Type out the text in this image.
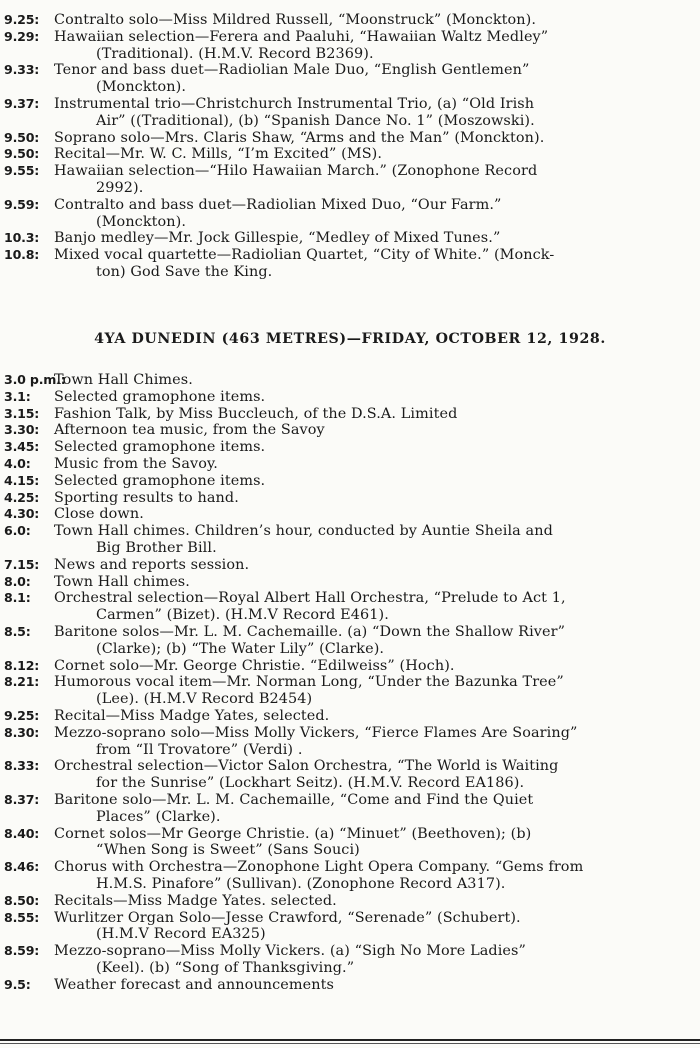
9.25: Contralto solo—Miss Mildred Russell, “Moonstruck” (Monckton).
9.29: Hawaiian selection—Ferera and Paaluhi, “Hawaiian Waltz Medley”
(Traditional). (H.M.V. Record B2369).
9.33: Tenor and bass duet—Radiolian Male Duo, “English Gentlemen”
(Monckton).
9.37: Instrumental trio—Christchurch Instrumental Trio, (a) “Old Irish
Air” ((Traditional), (b) “Spanish Dance No. 1” (Moszowski).
9.50: Soprano solo—Mrs. Claris Shaw, “Arms and the Man” (Monckton).
9.50: Recital—Mr. W. C. Mills, “I’m Excited” (MS).
9.55: Hawaiian selection—“Hilo Hawaiian March.” (Zonophone Record
2992).
9.59: Contralto and bass duet—Radiolian Mixed Duo, “Our Farm.”
(Monckton).
10.3: Banjo medley—Mr. Jock Gillespie, “Medley of Mixed Tunes.”
10.8: Mixed vocal quartette—Radiolian Quartet, “City of White.” (Monck-
ton) God Save the King.
4YA DUNEDIN (463 METRES)—FRIDAY, OCTOBER 12, 1928.
3.0 p.m.:
Town Hall Chimes.
3.1: Selected gramophone items.
3.15: Fashion Talk, by Miss Buccleuch, of the D.S.A. Limited
3.30: Afternoon tea music, from the Savoy
3.45: Selected gramophone items.
4.0: Music from the Savoy.
4.15: Selected gramophone items.
4.25: Sporting results to hand.
4.30: Close down.
6.0: Town Hall chimes. Children’s hour, conducted by Auntie Sheila and
Big Brother Bill.
7.15: News and reports session.
8.0: Town Hall chimes.
8.1: Orchestral selection—Royal Albert Hall Orchestra, “Prelude to Act 1,
Carmen” (Bizet). (H.M.V Record E461).
8.5: Baritone solos—Mr. L. M. Cachemaille. (a) “Down the Shallow River”
(Clarke); (b) “The Water Lily” (Clarke).
8.12: Cornet solo—Mr. George Christie. “Edilweiss” (Hoch).
8.21: Humorous vocal item—Mr. Norman Long, “Under the Bazunka Tree”
(Lee). (H.M.V Record B2454)
9.25: Recital—Miss Madge Yates, selected.
8.30: Mezzo-soprano solo—Miss Molly Vickers, “Fierce Flames Are Soaring”
from “Il Trovatore” (Verdi) .
8.33: Orchestral selection—Victor Salon Orchestra, “The World is Waiting
for the Sunrise” (Lockhart Seitz). (H.M.V. Record EA186).
8.37: Baritone solo—Mr. L. M. Cachemaille, “Come and Find the Quiet
Places” (Clarke).
8.40: Cornet solos—Mr George Christie. (a) “Minuet” (Beethoven); (b)
“When Song is Sweet” (Sans Souci)
8.46: Chorus with Orchestra—Zonophone Light Opera Company. “Gems from
H.M.S. Pinafore” (Sullivan). (Zonophone Record A317).
8.50: Recitals—Miss Madge Yates. selected.
8.55: Wurlitzer Organ Solo—Jesse Crawford, “Serenade” (Schubert).
(H.M.V Record EA325)
8.59: Mezzo-soprano—Miss Molly Vickers. (a) “Sigh No More Ladies”
(Keel). (b) “Song of Thanksgiving.”
9.5: Weather forecast and announcements
